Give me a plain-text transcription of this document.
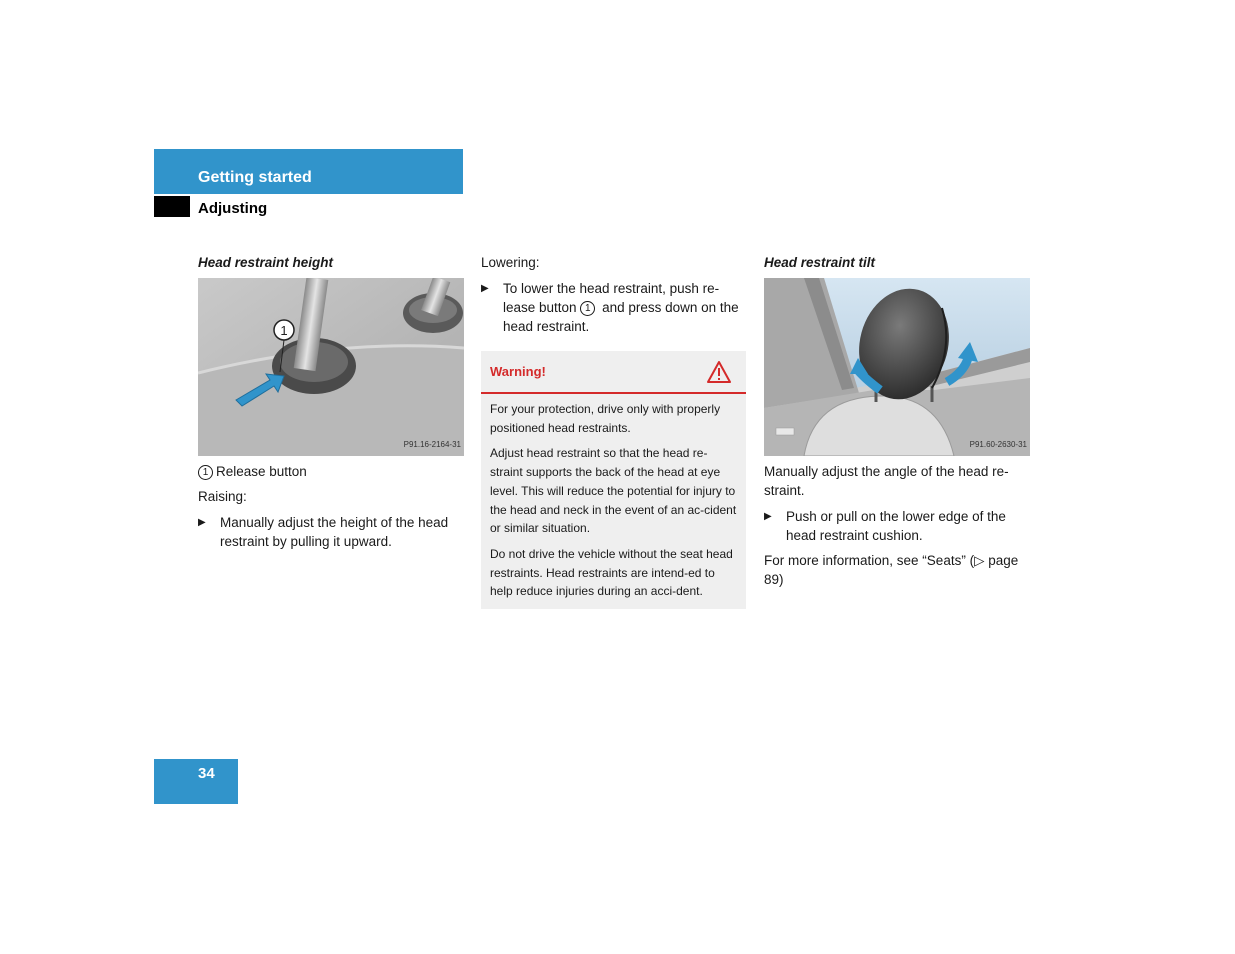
Getting started
Adjusting
Head restraint height
1
P91.16-2164-31

1 Release button

Raising:

▶	Manually adjust the height of the head restraint by pulling it upward.

Lowering:

▶	To lower the head restraint, push re-lease button 1 and press down on the head restraint.
Warning!

For your protection, drive only with properly positioned head restraints.

Adjust head restraint so that the head re-straint supports the back of the head at eye level. This will reduce the potential for injury to the head and neck in the event of an ac-cident or similar situation.

Do not drive the vehicle without the seat head restraints. Head restraints are intend-ed to help reduce injuries during an acci-dent.

Head restraint tilt
P91.60-2630-31

Manually adjust the angle of the head re-straint.

▶	Push or pull on the lower edge of the head restraint cushion.

For more information, see “Seats” (▷ page 89)

34
